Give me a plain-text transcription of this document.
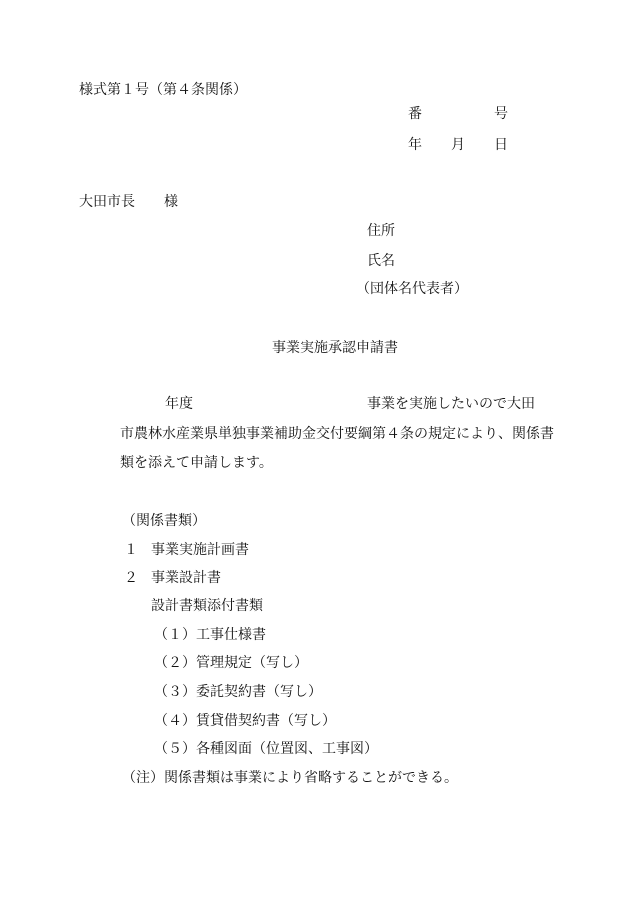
様式第１号（第４条関係）
番	号
年 月 日
大田市長 様
住所
氏名
（団体名代表者）
事業実施承認申請書
年度	事業を実施したいので大田
市農林水産業県単独事業補助金交付要綱第４条の規定により、関係書
類を添えて申請します。
（関係書類）
１ 事業実施計画書
２ 事業設計書
設計書類添付書類
（１）工事仕様書
（２）管理規定（写し）
（３）委託契約書（写し）
（４）賃貸借契約書（写し）
（５）各種図面（位置図、工事図）
（注）関係書類は事業により省略することができる。
